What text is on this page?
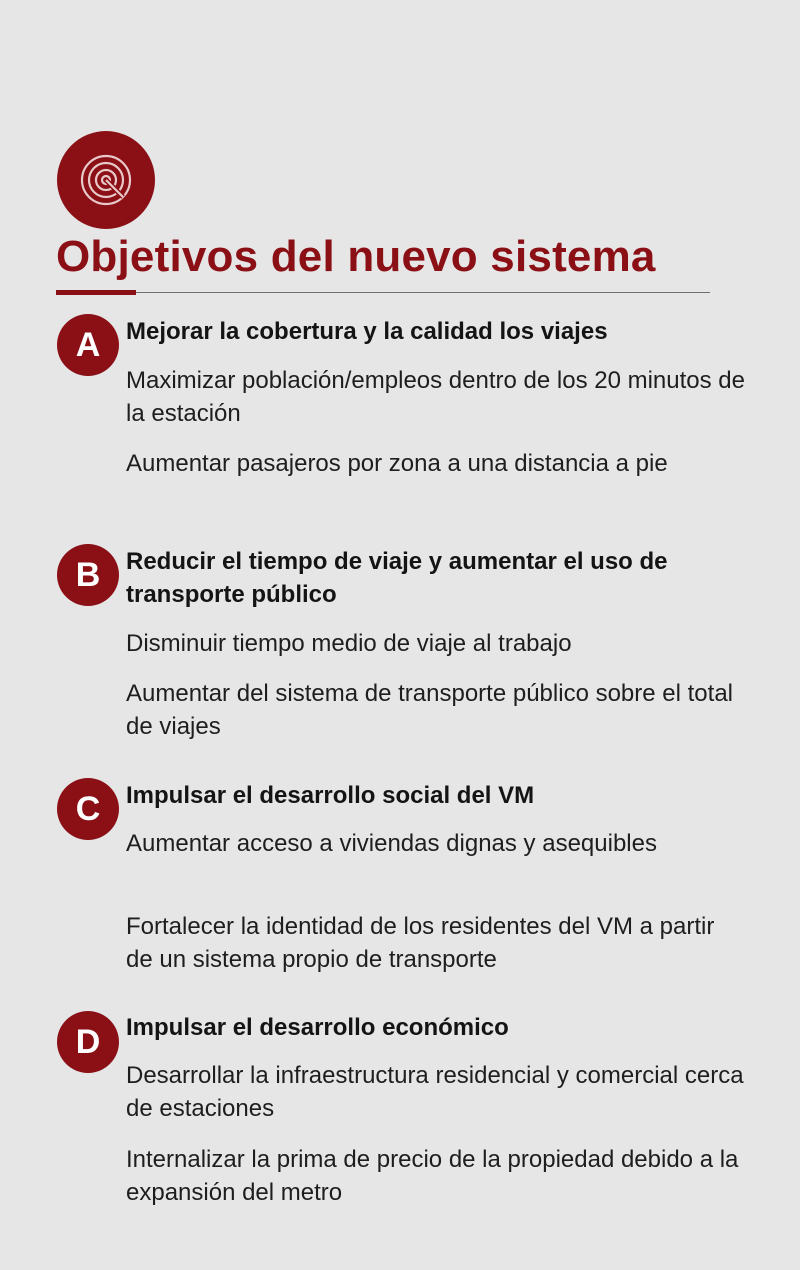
Objetivos del nuevo sistema
A	Mejorar la cobertura y la calidad los viajes

Maximizar población/empleos dentro de los 20 minutos de la estación

Aumentar pasajeros por zona a una distancia a pie

B	Reducir el tiempo de viaje y aumentar el uso de transporte público

Disminuir tiempo medio de viaje al trabajo

Aumentar del sistema de transporte público sobre el total de viajes

C	Impulsar el desarrollo social del VM

Aumentar acceso a viviendas dignas y asequibles

Fortalecer la identidad de los residentes del VM a partir de un sistema propio de transporte

D	Impulsar el desarrollo económico

Desarrollar la infraestructura residencial y comercial cerca de estaciones

Internalizar la prima de precio de la propiedad debido a la expansión del metro
